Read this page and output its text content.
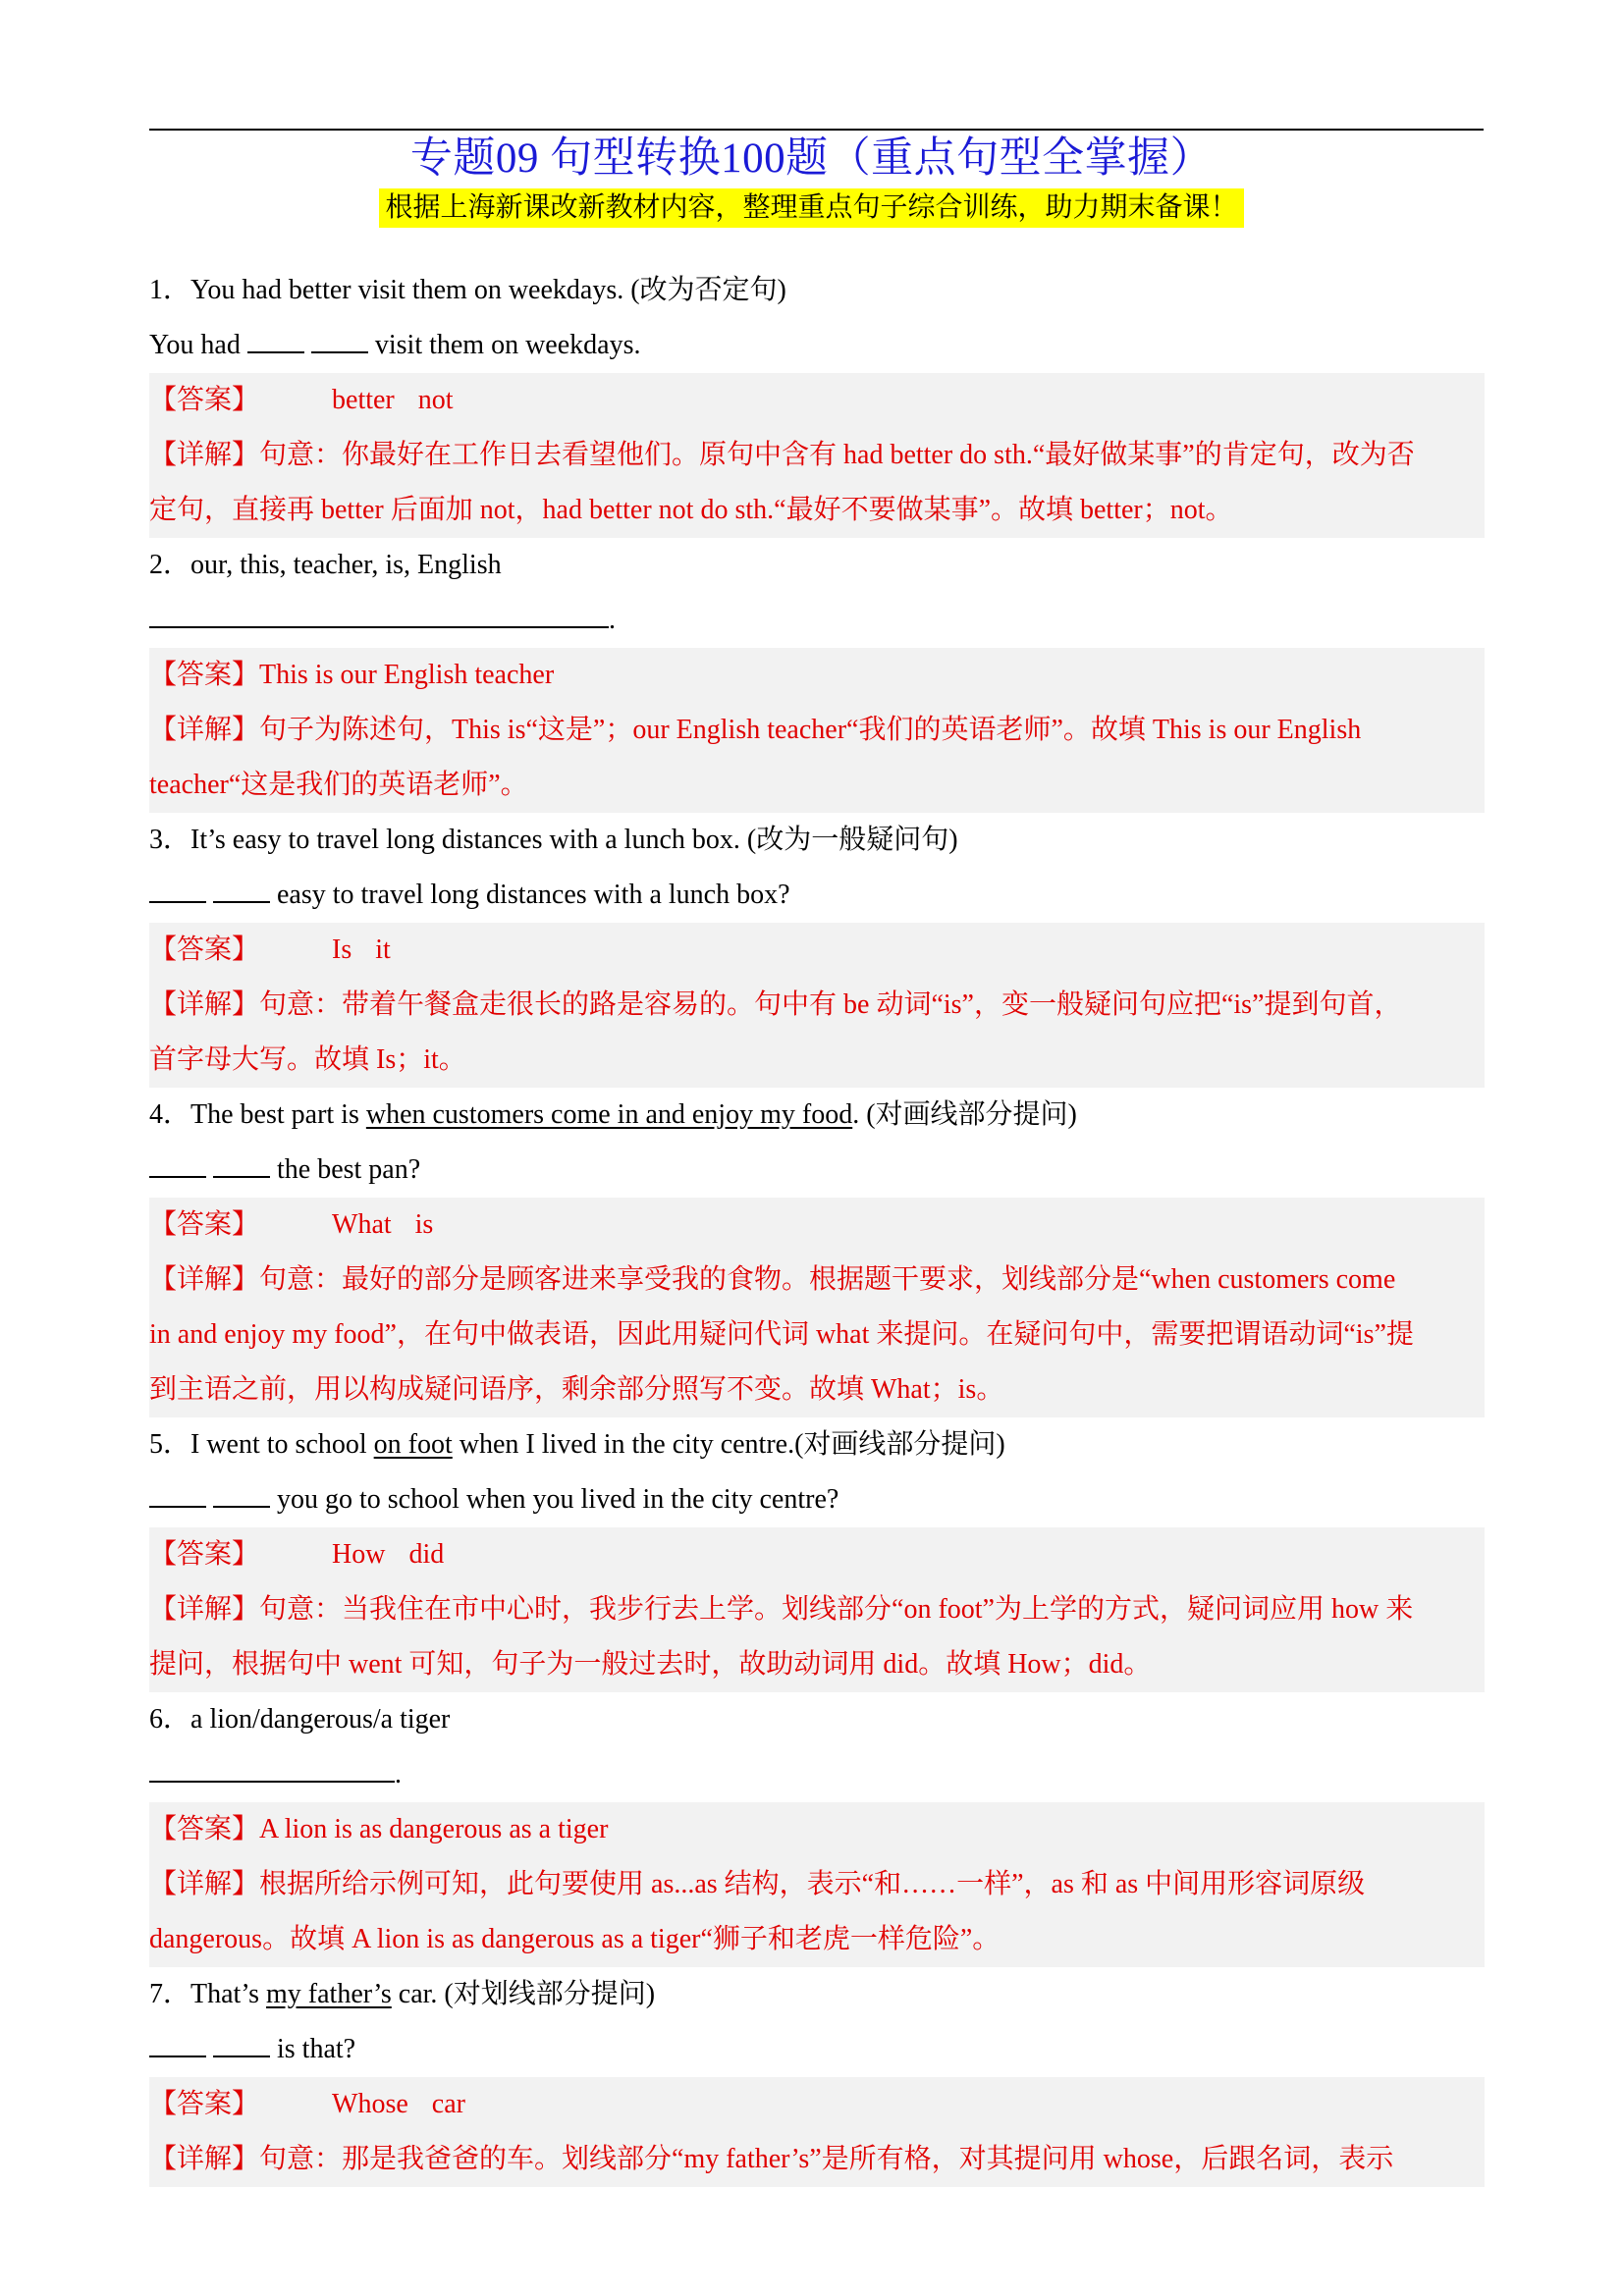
专题09 句型转换100题（重点句型全掌握）
根据上海新课改新教材内容，整理重点句子综合训练，助力期末备课！
1．You had better visit them on weekdays. (改为否定句)
You had	visit them on weekdays.
【答案】	better not
【详解】句意：你最好在工作日去看望他们。原句中含有 had better do sth.“最好做某事”的肯定句，改为否
定句，直接再 better 后面加 not，had better not do sth.“最好不要做某事”。故填 better；not。
2．our, this, teacher, is, English
.
【答案】This is our English teacher
【详解】句子为陈述句，This is“这是”；our English teacher“我们的英语老师”。故填 This is our English
teacher“这是我们的英语老师”。
3．It’s easy to travel long distances with a lunch box. (改为一般疑问句)
easy to travel long distances with a lunch box?
【答案】	Is it
【详解】句意：带着午餐盒走很长的路是容易的。句中有 be 动词“is”，变一般疑问句应把“is”提到句首，
首字母大写。故填 Is；it。
4．The best part is when customers come in and enjoy my food. (对画线部分提问)
the best pan?
【答案】	What is
【详解】句意：最好的部分是顾客进来享受我的食物。根据题干要求，划线部分是“when customers come
in and enjoy my food”，在句中做表语，因此用疑问代词 what 来提问。在疑问句中，需要把谓语动词“is”提
到主语之前，用以构成疑问语序，剩余部分照写不变。故填 What；is。
5．I went to school on foot when I lived in the city centre.(对画线部分提问)
you go to school when you lived in the city centre?
【答案】	How did
【详解】句意：当我住在市中心时，我步行去上学。划线部分“on foot”为上学的方式，疑问词应用 how 来
提问，根据句中 went 可知，句子为一般过去时，故助动词用 did。故填 How；did。
6．a lion/dangerous/a tiger
.
【答案】A lion is as dangerous as a tiger
【详解】根据所给示例可知，此句要使用 as...as 结构，表示“和……一样”，as 和 as 中间用形容词原级
dangerous。故填 A lion is as dangerous as a tiger“狮子和老虎一样危险”。
7．That’s my father’s car. (对划线部分提问)
is that?
【答案】	Whose car
【详解】句意：那是我爸爸的车。划线部分“my father’s”是所有格，对其提问用 whose，后跟名词，表示
